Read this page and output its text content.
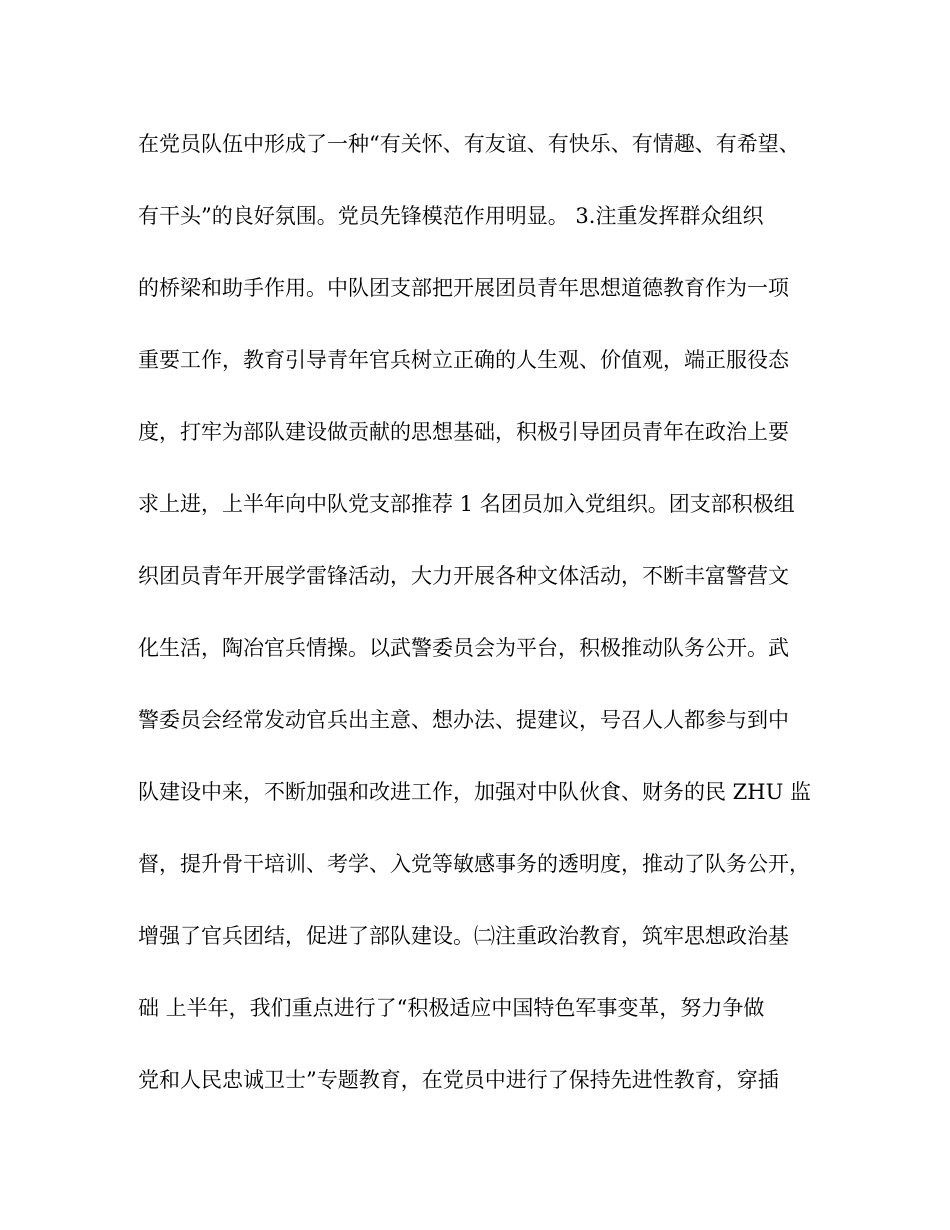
在党员队伍中形成了一种“有关怀、有友谊、有快乐、有情趣、有希望、
有干头”的良好氛围。党员先锋模范作用明显。 3.注重发挥群众组织
的桥梁和助手作用。中队团支部把开展团员青年思想道德教育作为一项
重要工作，教育引导青年官兵树立正确的人生观、价值观，端正服役态
度，打牢为部队建设做贡献的思想基础，积极引导团员青年在政治上要
求上进，上半年向中队党支部推荐 1 名团员加入党组织。团支部积极组
织团员青年开展学雷锋活动，大力开展各种文体活动，不断丰富警营文
化生活，陶冶官兵情操。以武警委员会为平台，积极推动队务公开。武
警委员会经常发动官兵出主意、想办法、提建议，号召人人都参与到中
队建设中来，不断加强和改进工作，加强对中队伙食、财务的民 ZHU 监
督，提升骨干培训、考学、入党等敏感事务的透明度，推动了队务公开，
增强了官兵团结，促进了部队建设。㈡注重政治教育，筑牢思想政治基
础 上半年，我们重点进行了“积极适应中国特色军事变革，努力争做
党和人民忠诚卫士”专题教育，在党员中进行了保持先进性教育，穿插
